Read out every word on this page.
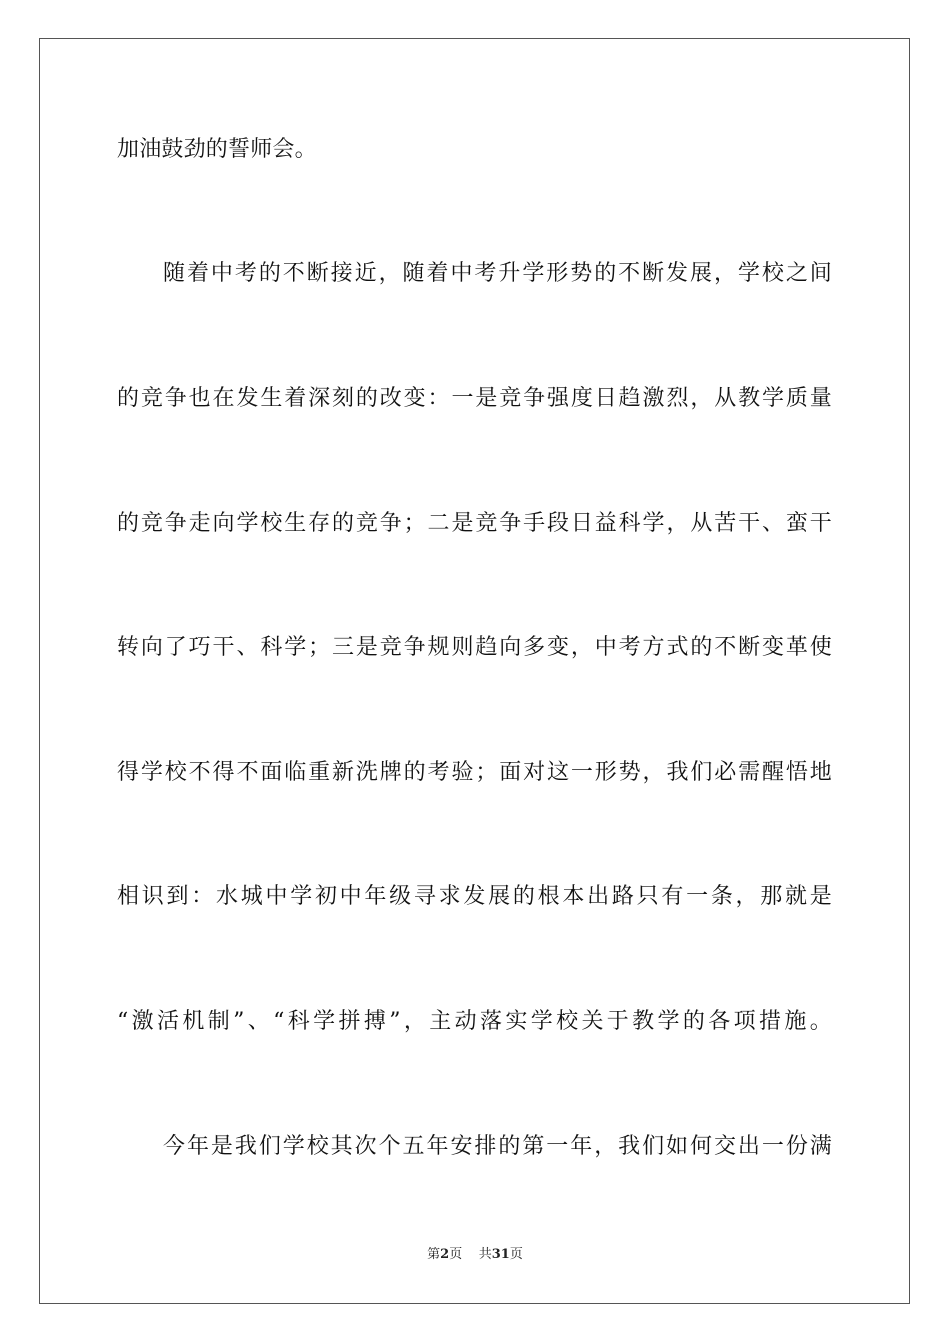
加油鼓劲的誓师会。
随着中考的不断接近，随着中考升学形势的不断发展，学校之间
的竞争也在发生着深刻的改变：一是竞争强度日趋激烈，从教学质量
的竞争走向学校生存的竞争；二是竞争手段日益科学，从苦干、蛮干
转向了巧干、科学；三是竞争规则趋向多变，中考方式的不断变革使
得学校不得不面临重新洗牌的考验；面对这一形势，我们必需醒悟地
相识到：水城中学初中年级寻求发展的根本出路只有一条，那就是
“激活机制”、“科学拼搏”，主动落实学校关于教学的各项措施。
今年是我们学校其次个五年安排的第一年，我们如何交出一份满
第2页 共31页
